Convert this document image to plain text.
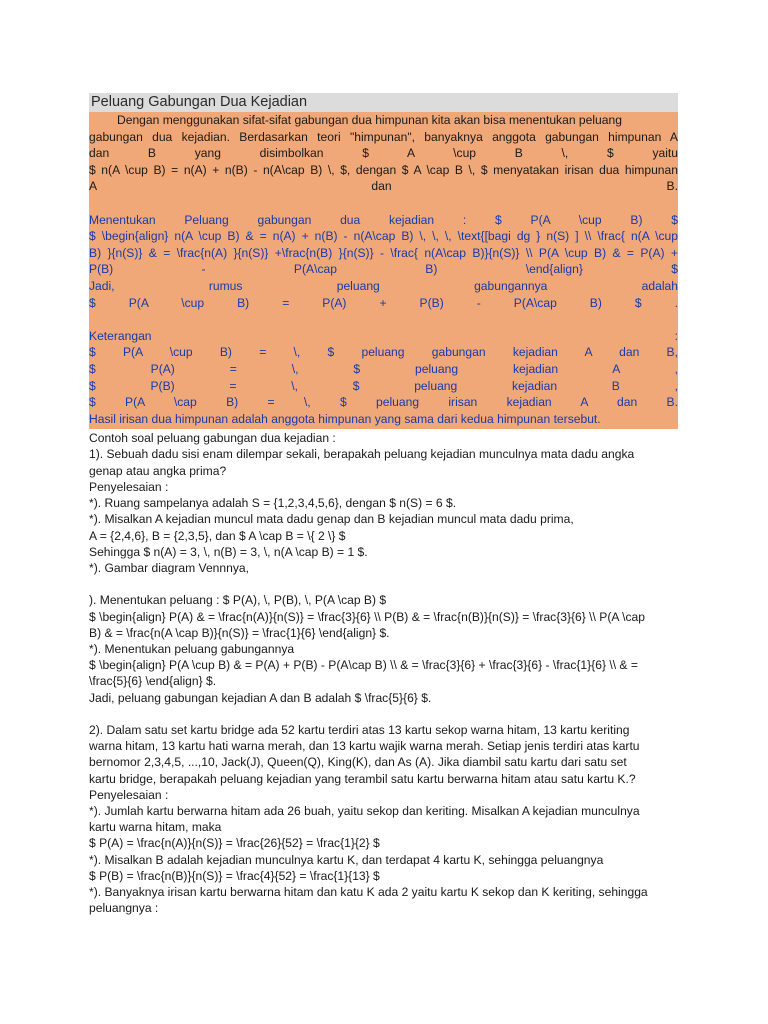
Peluang Gabungan Dua Kejadian
Dengan menggunakan sifat-sifat gabungan dua himpunan kita akan bisa menentukan peluang
gabungan dua kejadian. Berdasarkan teori "himpunan", banyaknya anggota gabungan himpunan A
dan B yang disimbolkan $ A \cup B \, $ yaitu
$ n(A \cup B) = n(A) + n(B) - n(A\cap B) \, $, dengan $ A \cap B \, $ menyatakan irisan dua himpunan
A dan B.
Menentukan Peluang gabungan dua kejadian : $ P(A \cup B) $
$ \begin{align} n(A \cup B) & = n(A) + n(B) - n(A\cap B) \, \, \, \text{[bagi dg } n(S) ] \\ \frac{ n(A \cup
B) }{n(S)} & = \frac{n(A) }{n(S)} +\frac{n(B) }{n(S)} - \frac{ n(A\cap B)}{n(S)} \\ P(A \cup B) & = P(A) +
P(B) - P(A\cap B) \end{align} $
Jadi, rumus peluang gabungannya adalah
$ P(A \cup B) = P(A) + P(B) - P(A\cap B) $ .
Keterangan :
$ P(A \cup B) = \, $ peluang gabungan kejadian A dan B,
$ P(A) = \, $ peluang kejadian A ,
$ P(B) = \, $ peluang kejadian B ,
$ P(A \cap B) = \, $ peluang irisan kejadian A dan B.
Hasil irisan dua himpunan adalah anggota himpunan yang sama dari kedua himpunan tersebut.
Contoh soal peluang gabungan dua kejadian :
1). Sebuah dadu sisi enam dilempar sekali, berapakah peluang kejadian munculnya mata dadu angka
genap atau angka prima?
Penyelesaian :
*). Ruang sampelanya adalah S = {1,2,3,4,5,6}, dengan $ n(S) = 6 $.
*). Misalkan A kejadian muncul mata dadu genap dan B kejadian muncul mata dadu prima,
A = {2,4,6}, B = {2,3,5}, dan $ A \cap B = \{ 2 \} $
Sehingga $ n(A) = 3, \, n(B) = 3, \, n(A \cap B) = 1 $.
*). Gambar diagram Vennnya,
). Menentukan peluang : $ P(A), \, P(B), \, P(A \cap B) $
$ \begin{align} P(A) & = \frac{n(A)}{n(S)} = \frac{3}{6} \\ P(B) & = \frac{n(B)}{n(S)} = \frac{3}{6} \\ P(A \cap
B) & = \frac{n(A \cap B)}{n(S)} = \frac{1}{6} \end{align} $.
*). Menentukan peluang gabungannya
$ \begin{align} P(A \cup B) & = P(A) + P(B) - P(A\cap B) \\ & = \frac{3}{6} + \frac{3}{6} - \frac{1}{6} \\ & =
\frac{5}{6} \end{align} $.
Jadi, peluang gabungan kejadian A dan B adalah $ \frac{5}{6} $.
2). Dalam satu set kartu bridge ada 52 kartu terdiri atas 13 kartu sekop warna hitam, 13 kartu keriting
warna hitam, 13 kartu hati warna merah, dan 13 kartu wajik warna merah. Setiap jenis terdiri atas kartu
bernomor 2,3,4,5, ...,10, Jack(J), Queen(Q), King(K), dan As (A). Jika diambil satu kartu dari satu set
kartu bridge, berapakah peluang kejadian yang terambil satu kartu berwarna hitam atau satu kartu K.?
Penyelesaian :
*). Jumlah kartu berwarna hitam ada 26 buah, yaitu sekop dan keriting. Misalkan A kejadian munculnya
kartu warna hitam, maka
$ P(A) = \frac{n(A)}{n(S)} = \frac{26}{52} = \frac{1}{2} $
*). Misalkan B adalah kejadian munculnya kartu K, dan terdapat 4 kartu K, sehingga peluangnya
$ P(B) = \frac{n(B)}{n(S)} = \frac{4}{52} = \frac{1}{13} $
*). Banyaknya irisan kartu berwarna hitam dan katu K ada 2 yaitu kartu K sekop dan K keriting, sehingga
peluangnya :
